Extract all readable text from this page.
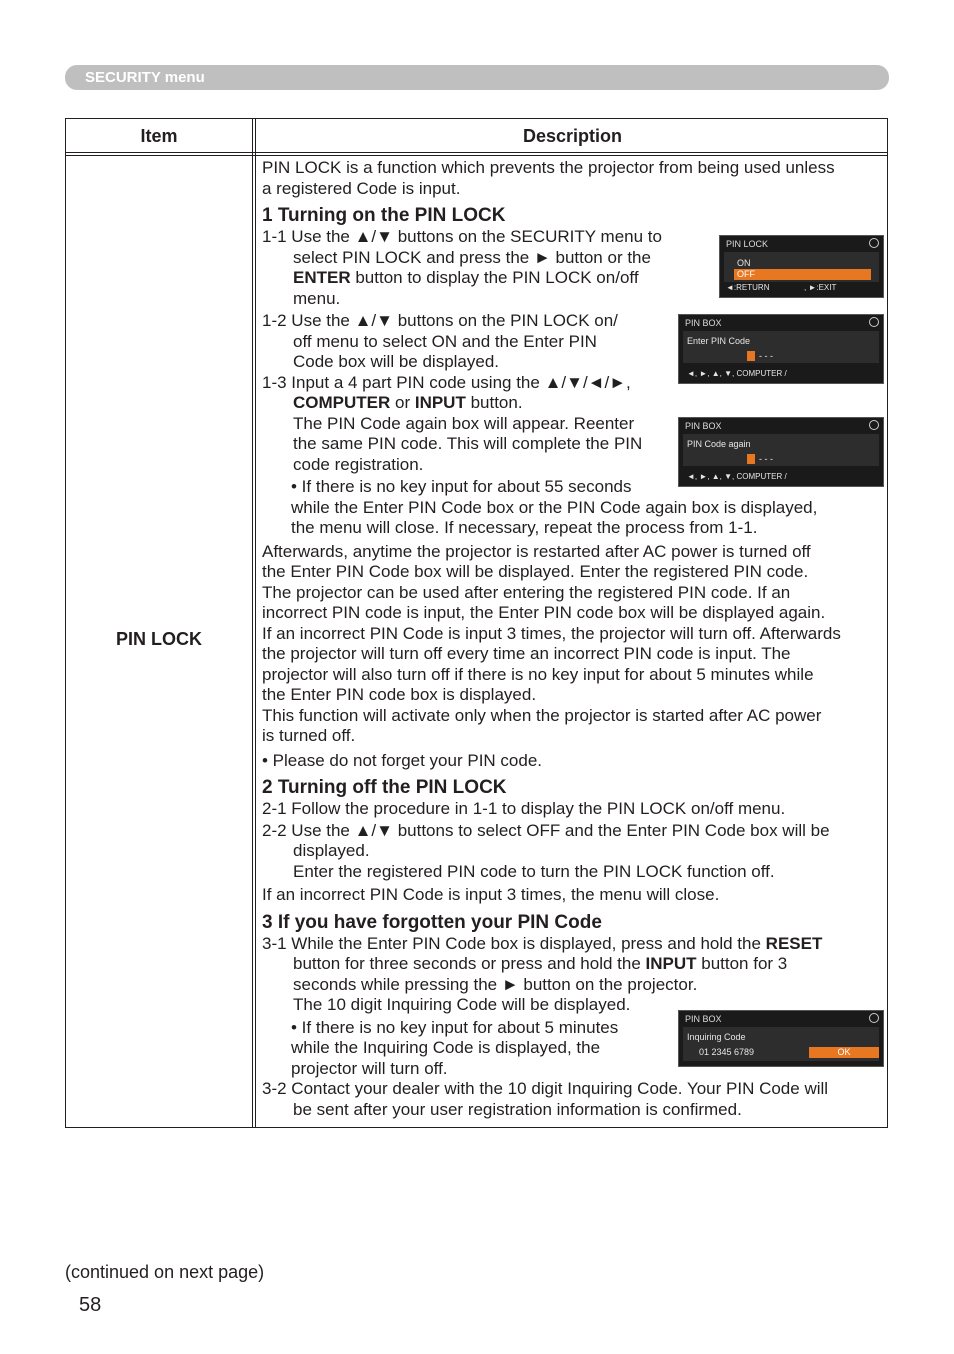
SECURITY menu
Item	Description
PIN LOCK

PIN LOCK is a function which prevents the projector from being used unless

a registered Code is input.

1 Turning on the PIN LOCK

1-1 Use the ▲/▼ buttons on the SECURITY menu to

select PIN LOCK and press the ► button or the

ENTER button to display the PIN LOCK on/off

menu.

1-2 Use the ▲/▼ buttons on the PIN LOCK on/

off menu to select ON and the Enter PIN

Code box will be displayed.

1-3 Input a 4 part PIN code using the ▲/▼/◄/►,

COMPUTER or INPUT button.

The PIN Code again box will appear. Reenter

the same PIN code. This will complete the PIN

code registration.

• If there is no key input for about 55 seconds

while the Enter PIN Code box or the PIN Code again box is displayed,

the menu will close. If necessary, repeat the process from 1-1.

Afterwards, anytime the projector is restarted after AC power is turned off

the Enter PIN Code box will be displayed. Enter the registered PIN code.

The projector can be used after entering the registered PIN code. If an

incorrect PIN code is input, the Enter PIN code box will be displayed again.

If an incorrect PIN Code is input 3 times, the projector will turn off. Afterwards

the projector will turn off every time an incorrect PIN code is input. The

projector will also turn off if there is no key input for about 5 minutes while

the Enter PIN code box is displayed.

This function will activate only when the projector is started after AC power

is turned off.

• Please do not forget your PIN code.

2 Turning off the PIN LOCK

2-1 Follow the procedure in 1-1 to display the PIN LOCK on/off menu.

2-2 Use the ▲/▼ buttons to select OFF and the Enter PIN Code box will be

displayed.

Enter the registered PIN code to turn the PIN LOCK function off.

If an incorrect PIN Code is input 3 times, the menu will close.

3 If you have forgotten your PIN Code

3-1 While the Enter PIN Code box is displayed, press and hold the RESET

button for three seconds or press and hold the INPUT button for 3

seconds while pressing the ► button on the projector.

The 10 digit Inquiring Code will be displayed.

• If there is no key input for about 5 minutes

while the Inquiring Code is displayed, the

projector will turn off.

3-2 Contact your dealer with the 10 digit Inquiring Code. Your PIN Code will

be sent after your user registration information is confirmed.

PIN LOCK
ON
OFF
◄:RETURN	, ►:EXIT
PIN BOX
Enter PIN Code
- - -
◄, ►, ▲, ▼, COMPUTER /
PIN BOX
PIN Code again
- - -
◄, ►, ▲, ▼, COMPUTER /
PIN BOX
Inquiring Code
01 2345 6789	OK
(continued on next page)
58
